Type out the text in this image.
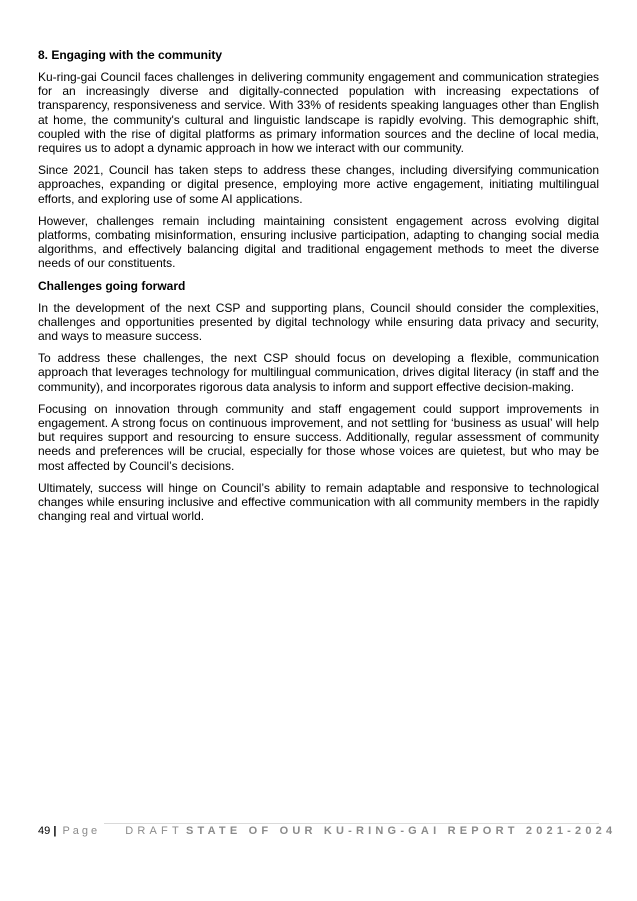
8. Engaging with the community

Ku-ring-gai Council faces challenges in delivering community engagement and communication strategies for an increasingly diverse and digitally-connected population with increasing expectations of transparency, responsiveness and service. With 33% of residents speaking languages other than English at home, the community's cultural and linguistic landscape is rapidly evolving. This demographic shift, coupled with the rise of digital platforms as primary information sources and the decline of local media, requires us to adopt a dynamic approach in how we interact with our community.

Since 2021, Council has taken steps to address these changes, including diversifying communication approaches, expanding or digital presence, employing more active engagement, initiating multilingual efforts, and exploring use of some AI applications.

However, challenges remain including maintaining consistent engagement across evolving digital platforms, combating misinformation, ensuring inclusive participation, adapting to changing social media algorithms, and effectively balancing digital and traditional engagement methods to meet the diverse needs of our constituents.

Challenges going forward

In the development of the next CSP and supporting plans, Council should consider the complexities, challenges and opportunities presented by digital technology while ensuring data privacy and security, and ways to measure success.

To address these challenges, the next CSP should focus on developing a flexible, communication approach that leverages technology for multilingual communication, drives digital literacy (in staff and the community), and incorporates rigorous data analysis to inform and support effective decision-making.

Focusing on innovation through community and staff engagement could support improvements in engagement. A strong focus on continuous improvement, and not settling for ‘business as usual’ will help but requires support and resourcing to ensure success. Additionally, regular assessment of community needs and preferences will be crucial, especially for those whose voices are quietest, but who may be most affected by Council’s decisions.

Ultimately, success will hinge on Council’s ability to remain adaptable and responsive to technological changes while ensuring inclusive and effective communication with all community members in the rapidly changing real and virtual world.

49 | Page DRAFT STATE OF OUR KU-RING-GAI REPORT 2021-2024
